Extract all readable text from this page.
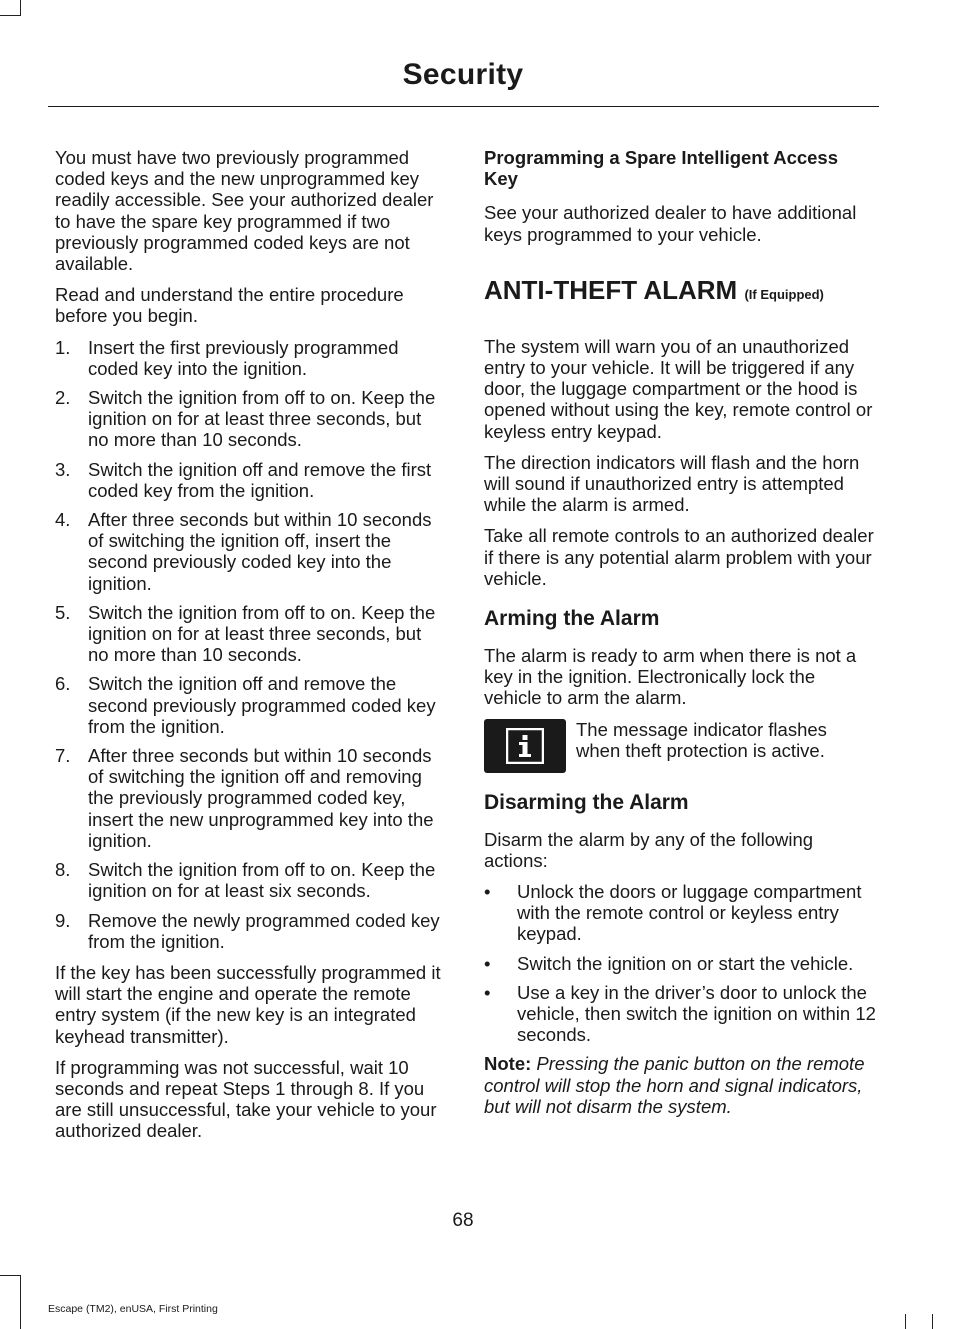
Security

You must have two previously programmed coded keys and the new unprogrammed key readily accessible. See your authorized dealer to have the spare key programmed if two previously programmed coded keys are not available.

Read and understand the entire procedure before you begin.

1. Insert the first previously programmed coded key into the ignition.
2. Switch the ignition from off to on. Keep the ignition on for at least three seconds, but no more than 10 seconds.
3. Switch the ignition off and remove the first coded key from the ignition.
4. After three seconds but within 10 seconds of switching the ignition off, insert the second previously coded key into the ignition.
5. Switch the ignition from off to on. Keep the ignition on for at least three seconds, but no more than 10 seconds.
6. Switch the ignition off and remove the second previously programmed coded key from the ignition.
7. After three seconds but within 10 seconds of switching the ignition off and removing the previously programmed coded key, insert the new unprogrammed key into the ignition.
8. Switch the ignition from off to on. Keep the ignition on for at least six seconds.
9. Remove the newly programmed coded key from the ignition.

If the key has been successfully programmed it will start the engine and operate the remote entry system (if the new key is an integrated keyhead transmitter).

If programming was not successful, wait 10 seconds and repeat Steps 1 through 8. If you are still unsuccessful, take your vehicle to your authorized dealer.

Programming a Spare Intelligent Access Key

See your authorized dealer to have additional keys programmed to your vehicle.

ANTI-THEFT ALARM (If Equipped)

The system will warn you of an unauthorized entry to your vehicle. It will be triggered if any door, the luggage compartment or the hood is opened without using the key, remote control or keyless entry keypad.

The direction indicators will flash and the horn will sound if unauthorized entry is attempted while the alarm is armed.

Take all remote controls to an authorized dealer if there is any potential alarm problem with your vehicle.

Arming the Alarm

The alarm is ready to arm when there is not a key in the ignition. Electronically lock the vehicle to arm the alarm.

The message indicator flashes when theft protection is active.
Disarming the Alarm

Disarm the alarm by any of the following actions:

• Unlock the doors or luggage compartment with the remote control or keyless entry keypad.
• Switch the ignition on or start the vehicle.
• Use a key in the driver’s door to unlock the vehicle, then switch the ignition on within 12 seconds.

Note: Pressing the panic button on the remote control will stop the horn and signal indicators, but will not disarm the system.

68
Escape (TM2), enUSA, First Printing
